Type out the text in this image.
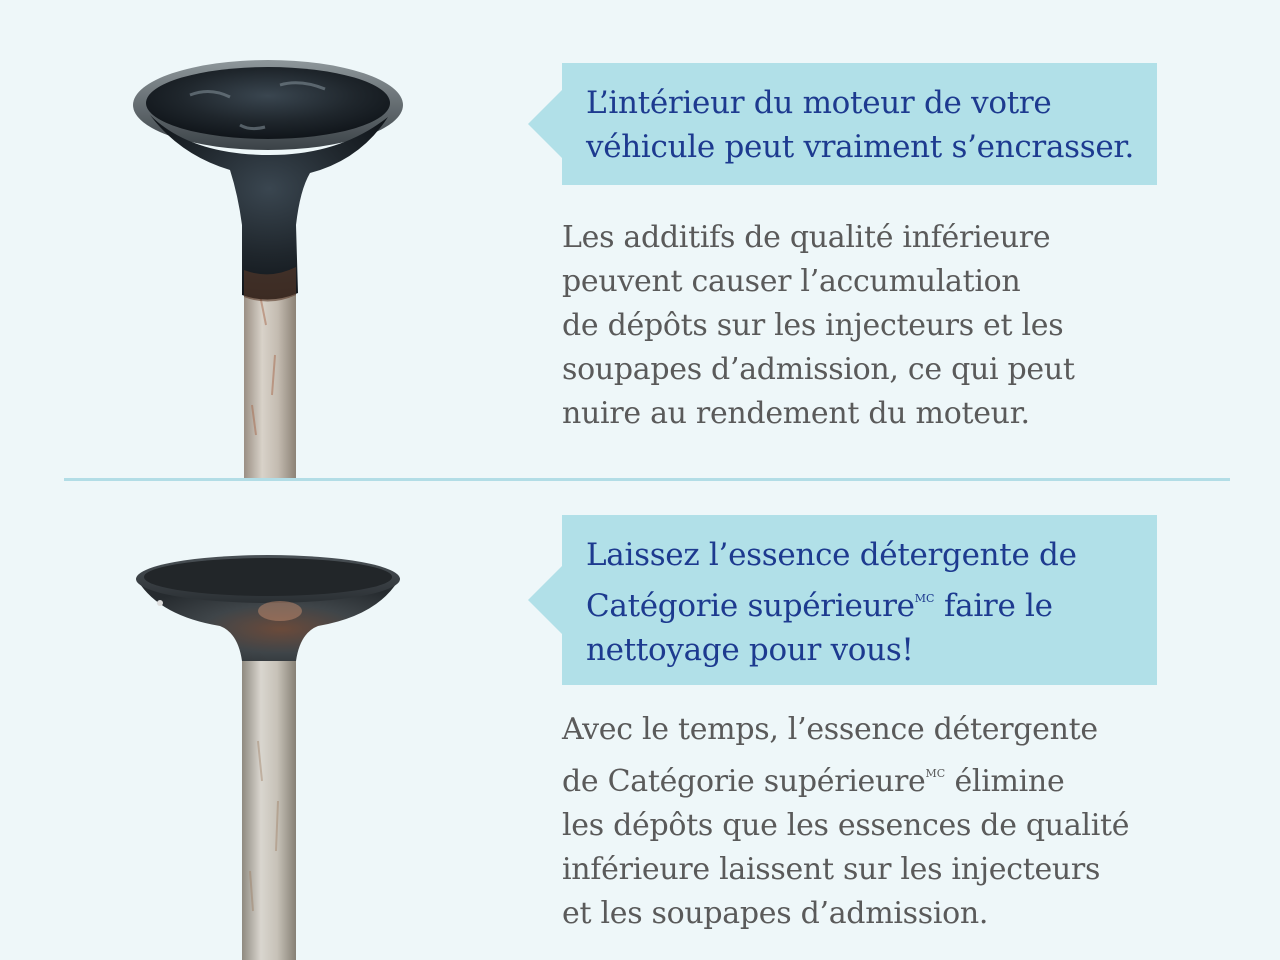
L’intérieur du moteur de votre
véhicule peut vraiment s’encrasser.
Les additifs de qualité inférieure
peuvent causer l’accumulation
de dépôts sur les injecteurs et les
soupapes d’admission, ce qui peut
nuire au rendement du moteur.
Laissez l’essence détergente de
Catégorie supérieure$^{MC}$ faire le
nettoyage pour vous!
Avec le temps, l’essence détergente
de Catégorie supérieure$^{MC}$ élimine
les dépôts que les essences de qualité
inférieure laissent sur les injecteurs
et les soupapes d’admission.
